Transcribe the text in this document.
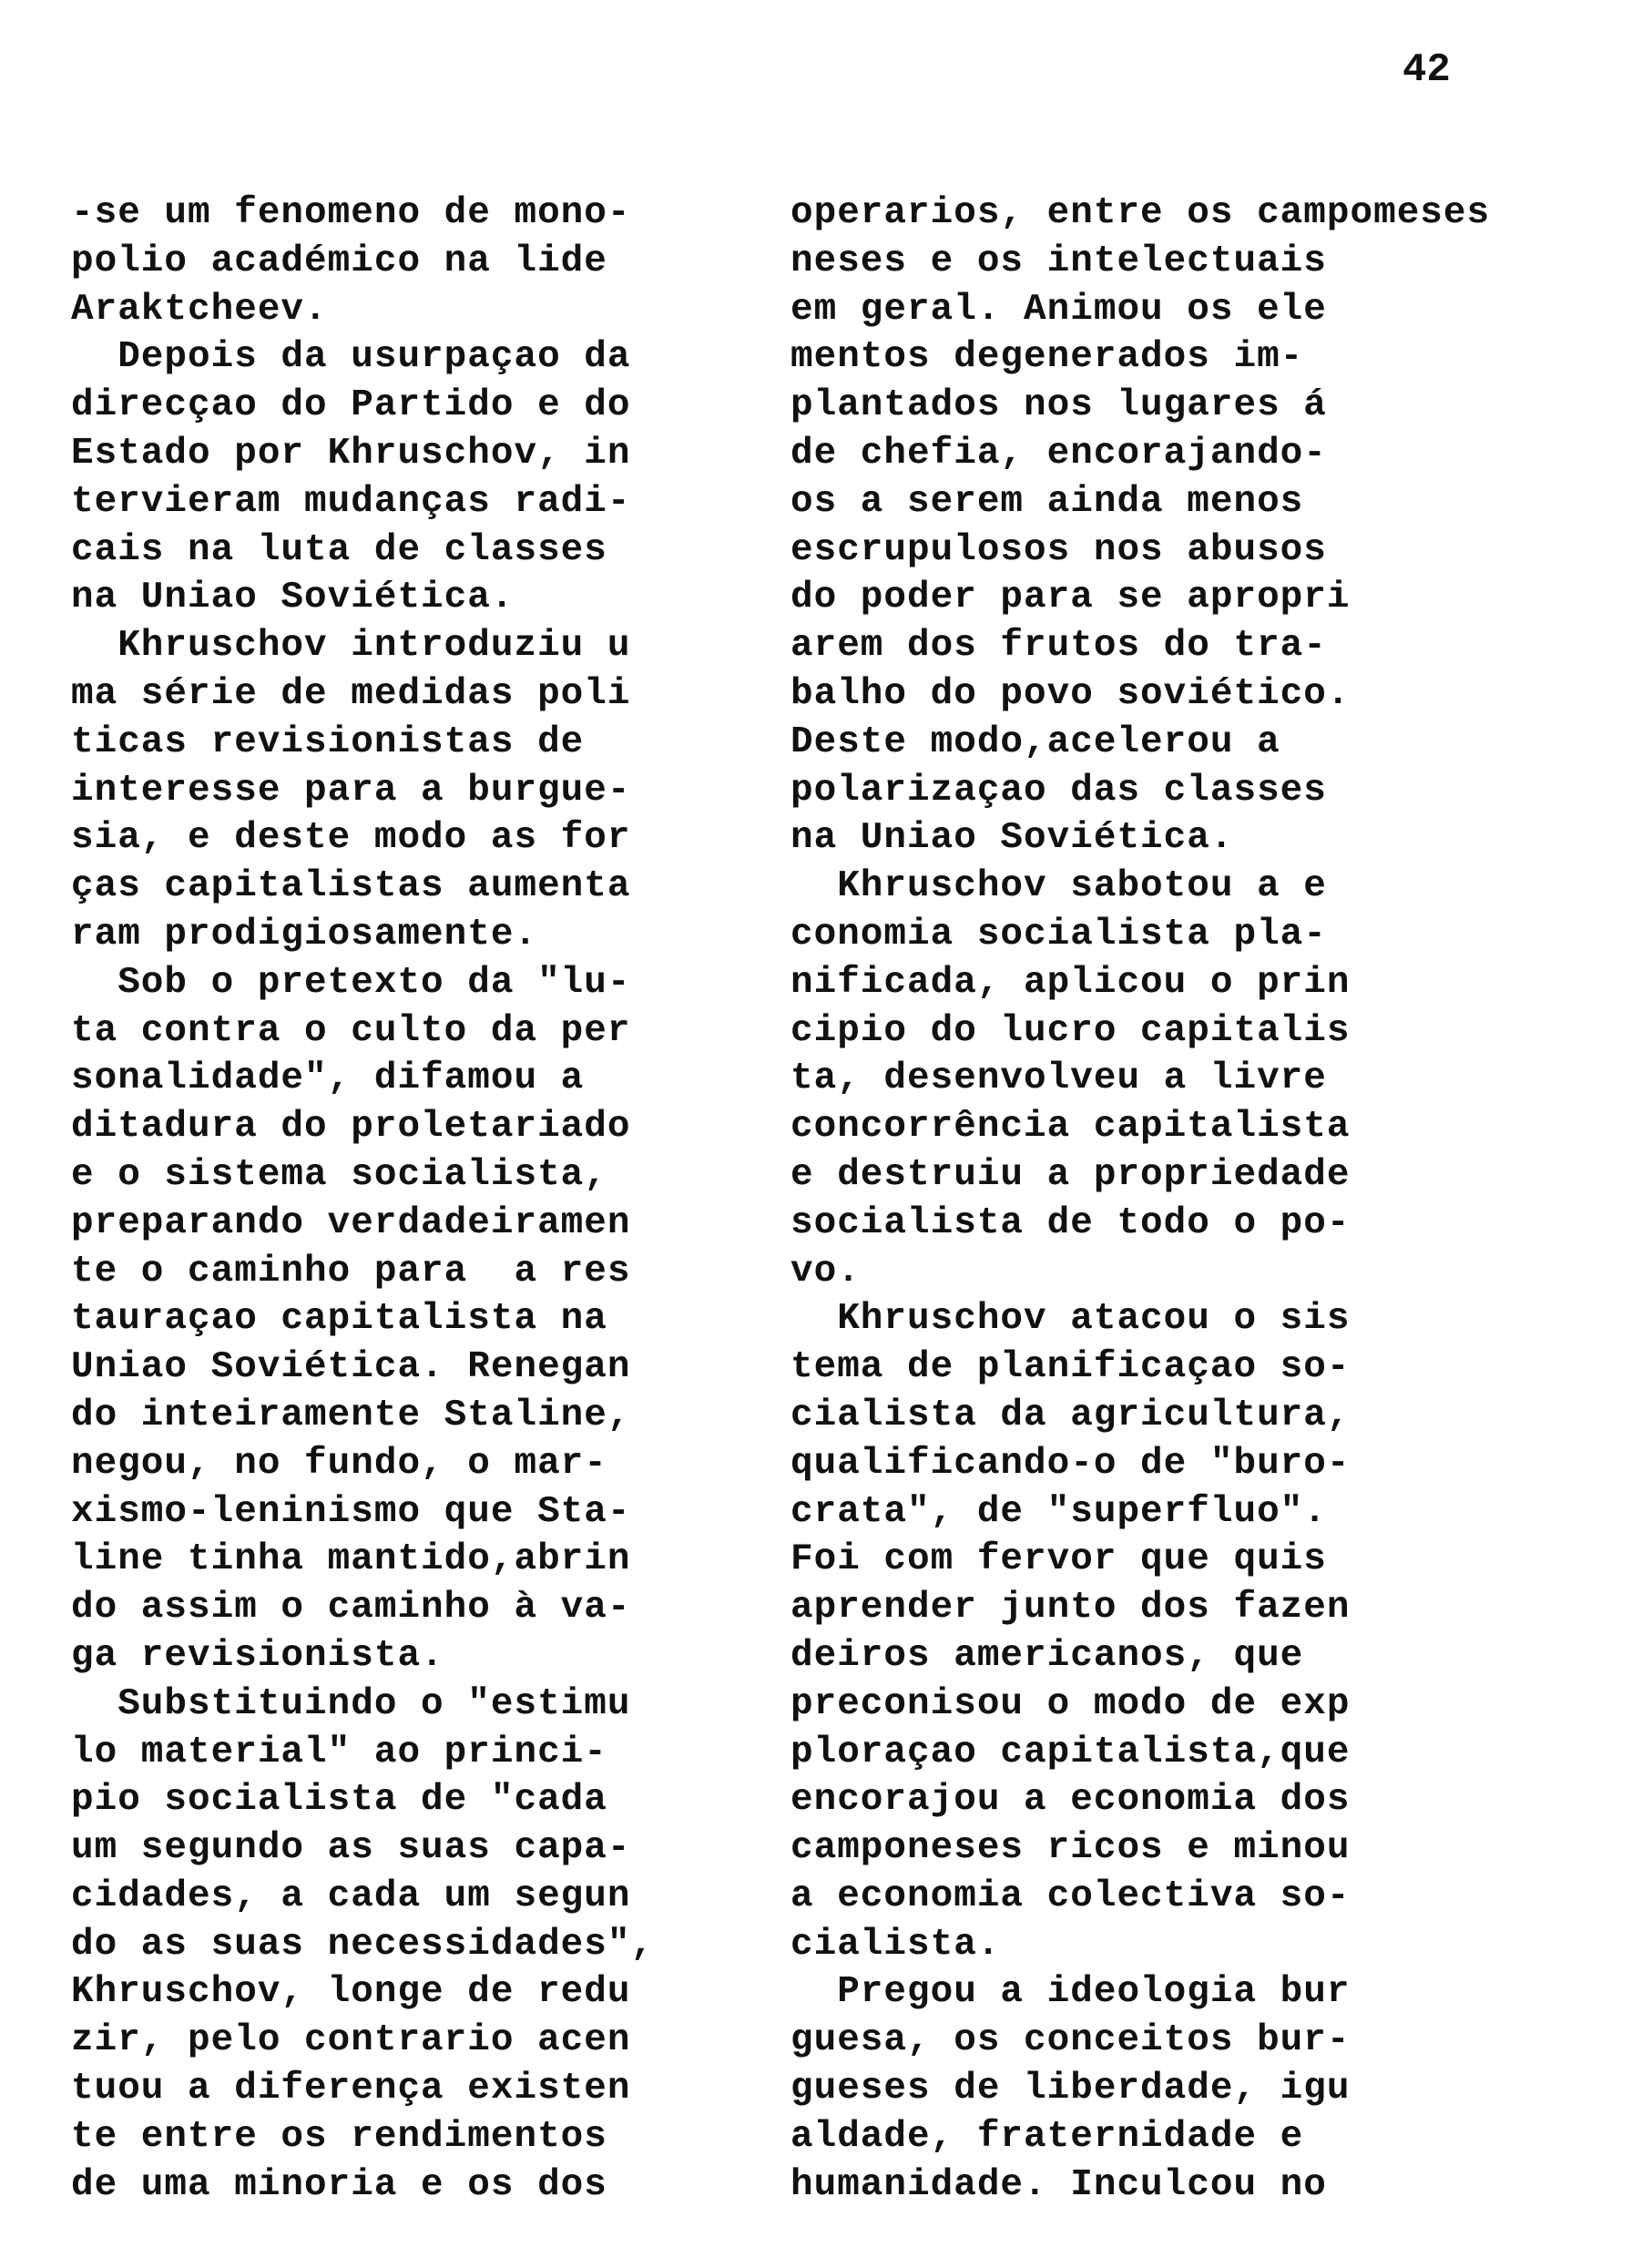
42
-se um fenomeno de mono-
polio académico na lide
Araktcheev.
Depois da usurpaçao da
direcçao do Partido e do
Estado por Khruschov, in
tervieram mudanças radi-
cais na luta de classes
na Uniao Soviética.
Khruschov introduziu u
ma série de medidas poli
ticas revisionistas de
interesse para a burgue-
sia, e deste modo as for
ças capitalistas aumenta
ram prodigiosamente.
Sob o pretexto da "lu-
ta contra o culto da per
sonalidade", difamou a
ditadura do proletariado
e o sistema socialista,
preparando verdadeiramen
te o caminho para  a res
tauraçao capitalista na
Uniao Soviética. Renegan
do inteiramente Staline,
negou, no fundo, o mar-
xismo-leninismo que Sta-
line tinha mantido,abrin
do assim o caminho à va-
ga revisionista.
Substituindo o "estimu
lo material" ao princi-
pio socialista de "cada
um segundo as suas capa-
cidades, a cada um segun
do as suas necessidades",
Khruschov, longe de redu
zir, pelo contrario acen
tuou a diferença existen
te entre os rendimentos
de uma minoria e os dos
operarios, entre os campomeses
neses e os intelectuais
em geral. Animou os ele
mentos degenerados im-
plantados nos lugares á
de chefia, encorajando-
os a serem ainda menos
escrupulosos nos abusos
do poder para se apropri
arem dos frutos do tra-
balho do povo soviético.
Deste modo,acelerou a
polarizaçao das classes
na Uniao Soviética.
Khruschov sabotou a e
conomia socialista pla-
nificada, aplicou o prin
cipio do lucro capitalis
ta, desenvolveu a livre
concorrência capitalista
e destruiu a propriedade
socialista de todo o po-
vo.
Khruschov atacou o sis
tema de planificaçao so-
cialista da agricultura,
qualificando-o de "buro-
crata", de "superfluo".
Foi com fervor que quis
aprender junto dos fazen
deiros americanos, que
preconisou o modo de exp
ploraçao capitalista,que
encorajou a economia dos
camponeses ricos e minou
a economia colectiva so-
cialista.
Pregou a ideologia bur
guesa, os conceitos bur-
gueses de liberdade, igu
aldade, fraternidade e
humanidade. Inculcou no
